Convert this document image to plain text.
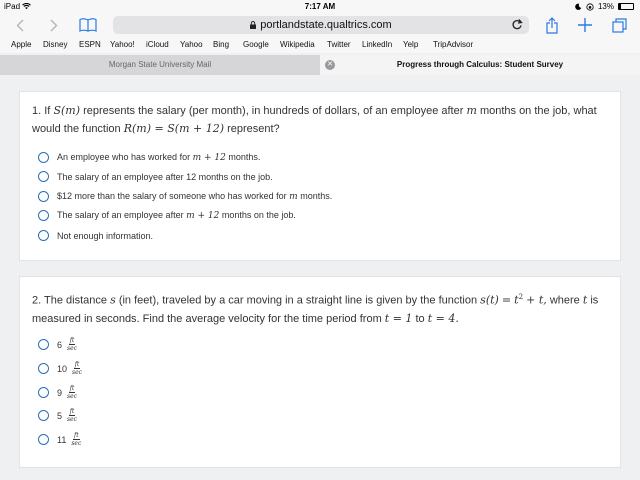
iPad	7:17 AM	13%
portlandstate.qualtrics.com
Apple Disney ESPN Yahoo! iCloud Yahoo Bing Google Wikipedia Twitter LinkedIn Yelp TripAdvisor
Morgan State University Mail	Progress through Calculus: Student Survey
✕
1. If S(m) represents the salary (per month), in hundreds of dollars, of an employee after m months on the job, what would the function R(m) = S(m + 12) represent?
An employee who has worked for m + 12 months.
The salary of an employee after 12 months on the job.
$12 more than the salary of someone who has worked for m months.
The salary of an employee after m + 12 months on the job.
Not enough information.
2. The distance s (in feet), traveled by a car moving in a straight line is given by the function $s(t) = t^2 + t$, where t is measured in seconds. Find the average velocity for the time period from t = 1 to t = 4.
$6 \frac{ft}{\sec}$
$10 \frac{ft}{\sec}$
$9 \frac{ft}{\sec}$
$5 \frac{ft}{\sec}$
$11 \frac{ft}{\sec}$
